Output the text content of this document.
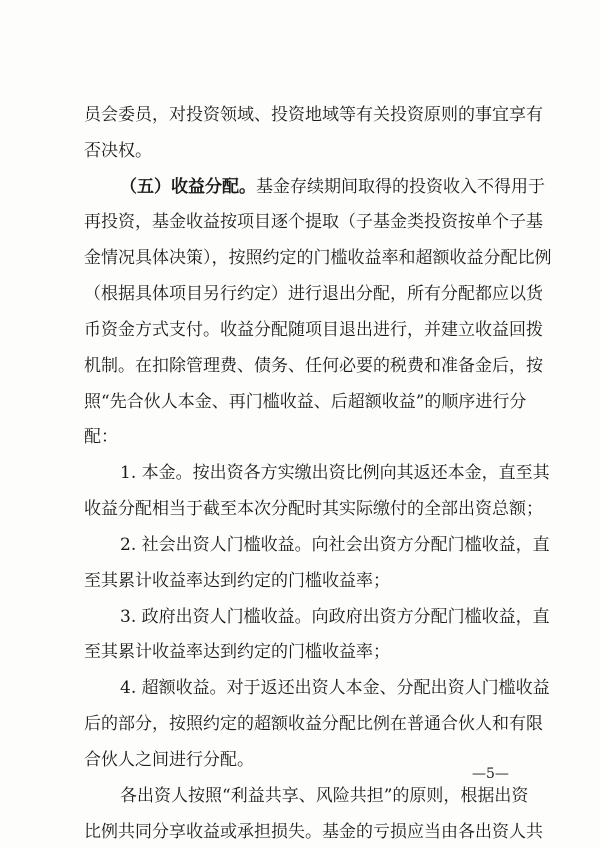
员会委员，对投资领域、投资地域等有关投资原则的事宜享有
否决权。
（五）收益分配。基金存续期间取得的投资收入不得用于
再投资，基金收益按项目逐个提取（子基金类投资按单个子基
金情况具体决策），按照约定的门槛收益率和超额收益分配比例
（根据具体项目另行约定）进行退出分配，所有分配都应以货
币资金方式支付。收益分配随项目退出进行，并建立收益回拨
机制。在扣除管理费、债务、任何必要的税费和准备金后，按
照“先合伙人本金、再门槛收益、后超额收益”的顺序进行分
配：
1. 本金。按出资各方实缴出资比例向其返还本金，直至其
收益分配相当于截至本次分配时其实际缴付的全部出资总额；
2. 社会出资人门槛收益。向社会出资方分配门槛收益，直
至其累计收益率达到约定的门槛收益率；
3. 政府出资人门槛收益。向政府出资方分配门槛收益，直
至其累计收益率达到约定的门槛收益率；
4. 超额收益。对于返还出资人本金、分配出资人门槛收益
后的部分，按照约定的超额收益分配比例在普通合伙人和有限
合伙人之间进行分配。
各出资人按照“利益共享、风险共担”的原则，根据出资
比例共同分享收益或承担损失。基金的亏损应当由各出资人共
—5—
